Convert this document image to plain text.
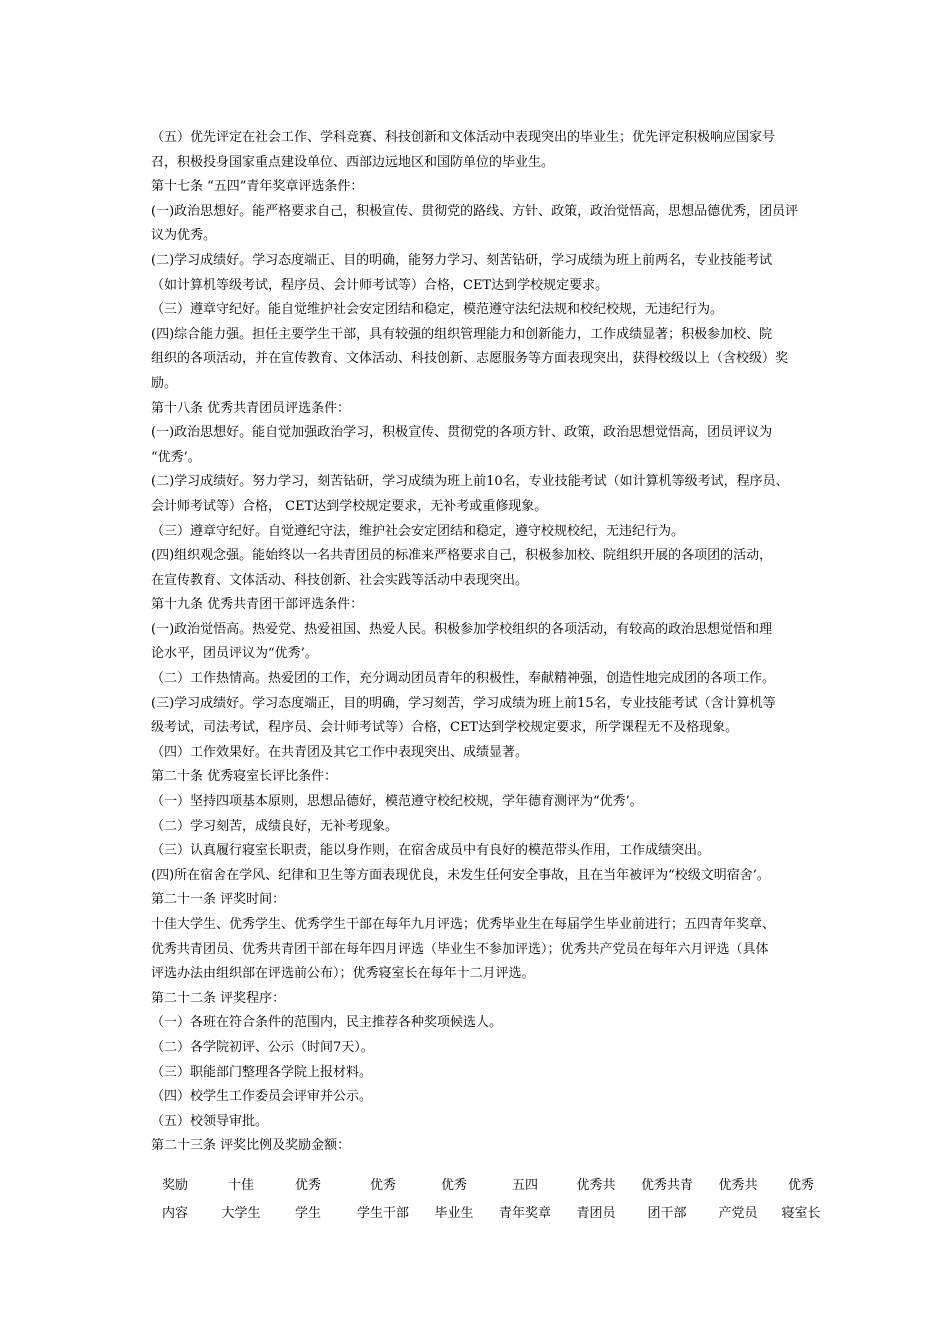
（五）优先评定在社会工作、学科竞赛、科技创新和文体活动中表现突出的毕业生；优先评定积极响应国家号
召，积极投身国家重点建设单位、西部边远地区和国防单位的毕业生。
第十七条 “五四”青年奖章评选条件：
(一)政治思想好。能严格要求自己，积极宣传、贯彻党的路线、方针、政策，政治觉悟高，思想品德优秀，团员评
议为优秀。
(二)学习成绩好。学习态度端正、目的明确，能努力学习、刻苦钻研，学习成绩为班上前两名，专业技能考试
（如计算机等级考试，程序员、会计师考试等）合格，CET达到学校规定要求。
（三）遵章守纪好。能自觉维护社会安定团结和稳定，模范遵守法纪法规和校纪校规，无违纪行为。
(四)综合能力强。担任主要学生干部，具有较强的组织管理能力和创新能力，工作成绩显著；积极参加校、院
组织的各项活动，并在宣传教育、文体活动、科技创新、志愿服务等方面表现突出，获得校级以上（含校级）奖
励。
第十八条 优秀共青团员评选条件：
(一)政治思想好。能自觉加强政治学习，积极宣传、贯彻党的各项方针、政策，政治思想觉悟高，团员评议为
“优秀’。
(二)学习成绩好。努力学习，刻苦钻研，学习成绩为班上前10名，专业技能考试（如计算机等级考试，程序员、
会计师考试等）合格， CET达到学校规定要求，无补考或重修现象。
（三）遵章守纪好。自觉遵纪守法，维护社会安定团结和稳定，遵守校规校纪，无违纪行为。
(四)组织观念强。能始终以一名共青团员的标准来严格要求自己，积极参加校、院组织开展的各项团的活动，
在宣传教育、文体活动、科技创新、社会实践等活动中表现突出。
第十九条 优秀共青团干部评选条件：
(一)政治觉悟高。热爱党、热爱祖国、热爱人民。积极参加学校组织的各项活动，有较高的政治思想觉悟和理
论水平，团员评议为“优秀’。
（二）工作热情高。热爱团的工作，充分调动团员青年的积极性，奉献精神强，创造性地完成团的各项工作。
(三)学习成绩好。学习态度端正，目的明确，学习刻苦，学习成绩为班上前15名，专业技能考试（含计算机等
级考试，司法考试，程序员、会计师考试等）合格，CET达到学校规定要求，所学课程无不及格现象。
（四）工作效果好。在共青团及其它工作中表现突出、成绩显著。
第二十条 优秀寝室长评比条件：
（一）坚持四项基本原则，思想品德好，模范遵守校纪校规，学年德育测评为“优秀’。
（二）学习刻苦，成绩良好，无补考现象。
（三）认真履行寝室长职责，能以身作则，在宿舍成员中有良好的模范带头作用，工作成绩突出。
(四)所在宿舍在学风、纪律和卫生等方面表现优良，未发生任何安全事故，且在当年被评为“校级文明宿舍’。
第二十一条 评奖时间：
十佳大学生、优秀学生、优秀学生干部在每年九月评选；优秀毕业生在每届学生毕业前进行；五四青年奖章、
优秀共青团员、优秀共青团干部在每年四月评选（毕业生不参加评选）；优秀共产党员在每年六月评选（具体
评选办法由组织部在评选前公布）；优秀寝室长在每年十二月评选。
第二十二条 评奖程序：
（一）各班在符合条件的范围内，民主推荐各种奖项候选人。
（二）各学院初评、公示（时间7天）。
（三）职能部门整理各学院上报材料。
（四）校学生工作委员会评审并公示。
（五）校领导审批。
第二十三条 评奖比例及奖励金额：
奖励	十佳	优秀	优秀	优秀	五四	优秀共	优秀共青	优秀共	优秀
内容	大学生	学生	学生干部	毕业生	青年奖章	青团员	团干部	产党员	寝室长
